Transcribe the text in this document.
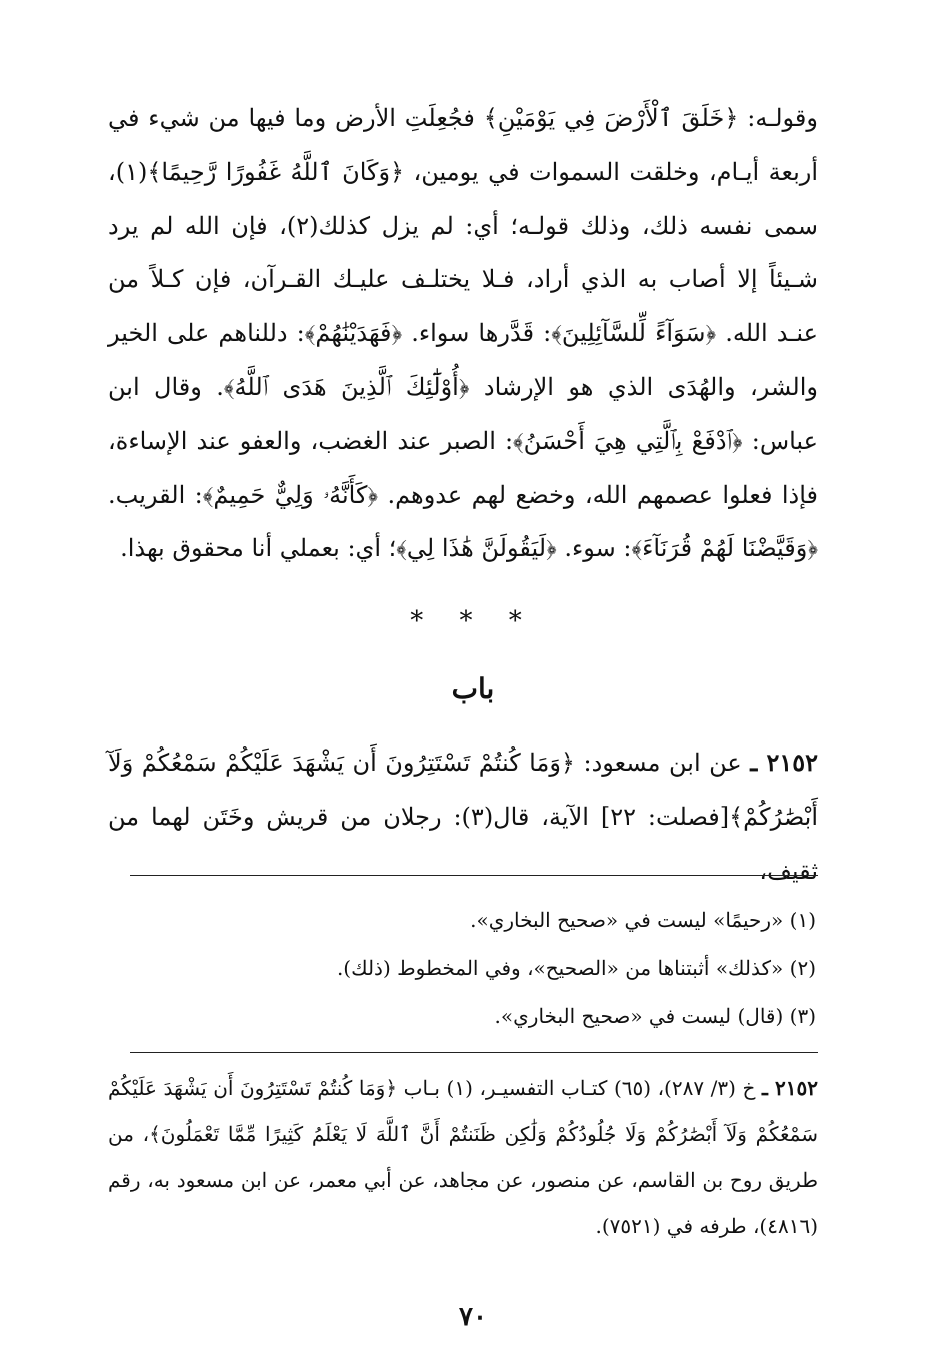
وقولـه: ﴿خَلَقَ ٱلْأَرْضَ فِي يَوْمَيْنِ﴾ فجُعِلَتِ الأرض وما فيها من شيء في أربعة أيـام، وخلقت السموات في يومين، ﴿وَكَانَ ٱللَّهُ غَفُورًا رَّحِيمًا﴾(١)، سمى نفسه ذلك، وذلك قولـه؛ أي: لم يزل كذلك(٢)، فإن الله لم يرد شـيئاً إلا أصاب به الذي أراد، فـلا يختلـف عليـك القـرآن، فإن كـلاً من عنـد الله. ﴿سَوَآءً لِّلسَّآئِلِينَ﴾: قَدَّرها سواء. ﴿فَهَدَيْنَٰهُمْ﴾: دللناهم على الخير والشر، والهُدَى الذي هو الإرشاد ﴿أُوْلَٰٓئِكَ ٱلَّذِينَ هَدَى ٱللَّهُ﴾. وقال ابن عباس: ﴿ٱدْفَعْ بِٱلَّتِي هِيَ أَحْسَنُ﴾: الصبر عند الغضب، والعفو عند الإساءة، فإذا فعلوا عصمهم الله، وخضع لهم عدوهم. ﴿كَأَنَّهُۥ وَلِيٌّ حَمِيمٌ﴾: القريب. ﴿وَقَيَّضْنَا لَهُمْ قُرَنَآءَ﴾: سوء. ﴿لَيَقُولَنَّ هَٰذَا لِي﴾؛ أي: بعملي أنا محقوق بهذا.
* * *
باب
٢١٥٢ ـ عن ابن مسعود: ﴿وَمَا كُنتُمْ تَسْتَتِرُونَ أَن يَشْهَدَ عَلَيْكُمْ سَمْعُكُمْ وَلَآ أَبْصَٰرُكُمْ﴾[فصلت: ٢٢] الآية، قال(٣): رجلان من قريش وخَتَن لهما من ثقيف،

(١) «رحيمًا» ليست في «صحيح البخاري».

(٢) «كذلك» أثبتناها من «الصحيح»، وفي المخطوط (ذلك).

(٣) (قال) ليست في «صحيح البخاري».

٢١٥٢ ـ خ (٣/ ٢٨٧)، (٦٥) كتـاب التفسيـر، (١) بـاب ﴿وَمَا كُنتُمْ تَسْتَتِرُونَ أَن يَشْهَدَ عَلَيْكُمْ سَمْعُكُمْ وَلَآ أَبْصَٰرُكُمْ وَلَا جُلُودُكُمْ وَلَٰكِن ظَنَنتُمْ أَنَّ ٱللَّهَ لَا يَعْلَمُ كَثِيرًا مِّمَّا تَعْمَلُونَ﴾، من طريق روح بن القاسم، عن منصور، عن مجاهد، عن أبي معمر، عن ابن مسعود به، رقم (٤٨١٦)، طرفه في (٧٥٢١).
٧٠
